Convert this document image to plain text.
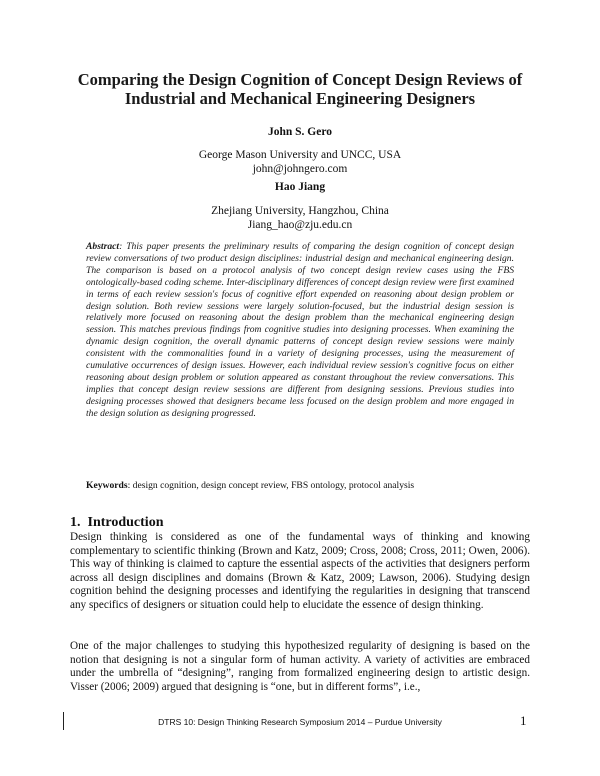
Comparing the Design Cognition of Concept Design Reviews of Industrial and Mechanical Engineering Designers
John S. Gero
George Mason University and UNCC, USA
john@johngero.com
Hao Jiang
Zhejiang University, Hangzhou, China
Jiang_hao@zju.edu.cn
Abstract: This paper presents the preliminary results of comparing the design cognition of concept design review conversations of two product design disciplines: industrial design and mechanical engineering design. The comparison is based on a protocol analysis of two concept design review cases using the FBS ontologically-based coding scheme. Inter-disciplinary differences of concept design review were first examined in terms of each review session's focus of cognitive effort expended on reasoning about design problem or design solution. Both review sessions were largely solution-focused, but the industrial design session is relatively more focused on reasoning about the design problem than the mechanical engineering design session. This matches previous findings from cognitive studies into designing processes. When examining the dynamic design cognition, the overall dynamic patterns of concept design review sessions were mainly consistent with the commonalities found in a variety of designing processes, using the measurement of cumulative occurrences of design issues. However, each individual review session's cognitive focus on either reasoning about design problem or solution appeared as constant throughout the review conversations. This implies that concept design review sessions are different from designing sessions. Previous studies into designing processes showed that designers became less focused on the design problem and more engaged in the design solution as designing progressed.
Keywords: design cognition, design concept review, FBS ontology, protocol analysis
1. Introduction
Design thinking is considered as one of the fundamental ways of thinking and knowing complementary to scientific thinking (Brown and Katz, 2009; Cross, 2008; Cross, 2011; Owen, 2006). This way of thinking is claimed to capture the essential aspects of the activities that designers perform across all design disciplines and domains (Brown & Katz, 2009; Lawson, 2006). Studying design cognition behind the designing processes and identifying the regularities in designing that transcend any specifics of designers or situation could help to elucidate the essence of design thinking.
One of the major challenges to studying this hypothesized regularity of designing is based on the notion that designing is not a singular form of human activity. A variety of activities are embraced under the umbrella of “designing”, ranging from formalized engineering design to artistic design. Visser (2006; 2009) argued that designing is “one, but in different forms”, i.e.,
DTRS 10: Design Thinking Research Symposium 2014 – Purdue University	1
